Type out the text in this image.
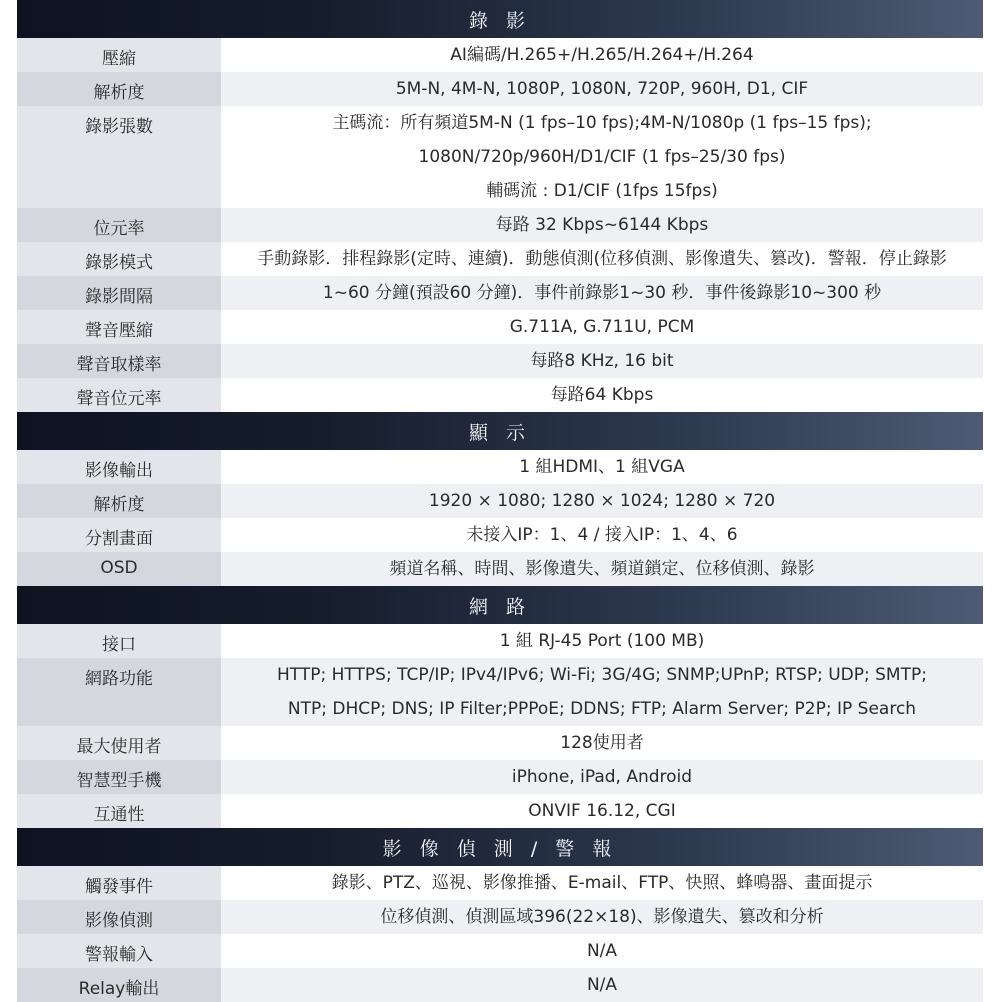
錄 影
壓縮	AI編碼/H.265+/H.265/H.264+/H.264
解析度	5M-N, 4M-N, 1080P, 1080N, 720P, 960H, D1, CIF
錄影張數	主碼流：所有頻道5M-N (1 fps–10 fps);4M-N/1080p (1 fps–15 fps);
1080N/720p/960H/D1/CIF (1 fps–25/30 fps)
輔碼流 : D1/CIF (1fps 15fps)
位元率	每路 32 Kbps~6144 Kbps
錄影模式	手動錄影．排程錄影(定時、連續)．動態偵測(位移偵測、影像遺失、篡改)．警報．停止錄影
錄影間隔	1~60 分鐘(預設60 分鐘)．事件前錄影1~30 秒．事件後錄影10~300 秒
聲音壓縮	G.711A, G.711U, PCM
聲音取樣率	每路8 KHz, 16 bit
聲音位元率	每路64 Kbps
顯 示
影像輸出	1 組HDMI、1 組VGA
解析度	1920 × 1080; 1280 × 1024; 1280 × 720
分割畫面	未接入IP：1、4 / 接入IP：1、4、6
OSD	頻道名稱、時間、影像遺失、頻道鎖定、位移偵測、錄影
網 路
接口	1 組 RJ-45 Port (100 MB)
網路功能	HTTP; HTTPS; TCP/IP; IPv4/IPv6; Wi-Fi; 3G/4G; SNMP;UPnP; RTSP; UDP; SMTP;
NTP; DHCP; DNS; IP Filter;PPPoE; DDNS; FTP; Alarm Server; P2P; IP Search
最大使用者	128使用者
智慧型手機	iPhone, iPad, Android
互通性	ONVIF 16.12, CGI
影 像 偵 測 / 警 報
觸發事件	錄影、PTZ、巡視、影像推播、E-mail、FTP、快照、蜂鳴器、畫面提示
影像偵測	位移偵測、偵測區域396(22×18)、影像遺失、篡改和分析
警報輸入	N/A
Relay輸出	N/A
